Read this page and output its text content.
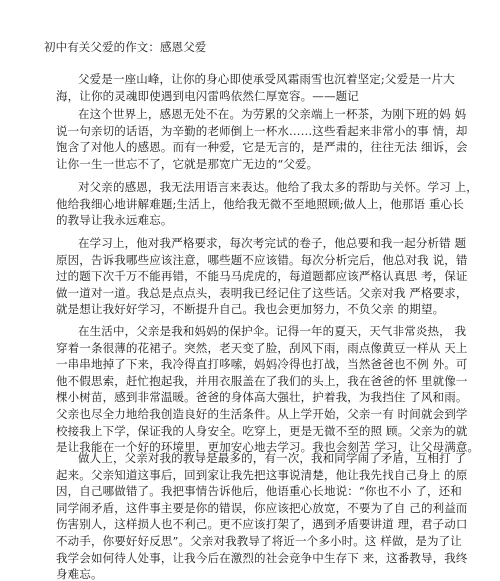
初中有关父爱的作文：感恩父爱
父爱是一座山峰，让你的身心即使承受风霜雨雪也沉着坚定;父爱是一片大
海，让你的灵魂即使遇到电闪雷鸣依然仁厚宽容。——题记
在这个世界上，感恩无处不在。为劳累的父亲端上一杯茶，为刚下班的妈 妈
说一句亲切的话语，为辛勤的老师倒上一杯水……这些看起来非常小的事 情，却
饱含了对他人的感恩。而有一种爱，它是无言的，是严肃的，往往无法 细诉，会
让你一生一世忘不了，它就是那宽广无边的“父爱。
对父亲的感恩，我无法用语言来表达。他给了我太多的帮助与关怀。学习 上，
他给我细心地讲解难题;生活上，他给我无微不至地照顾;做人上，他那语 重心长
的教导让我永远难忘。
在学习上，他对我严格要求，每次考完试的卷子，他总要和我一起分析错 题
原因，告诉我哪些应该注意，哪些题不应该错。每次分析完后，他总对我 说，错
过的题下次千万不能再错，不能马马虎虎的，每道题都应该严格认真思 考，保证
做一道对一道。我总是点点头，表明我已经记住了这些话。父亲对我 严格要求，
就是想让我好好学习，不断提升自己。我也会更加努力，不负父亲 的期望。
在生活中，父亲是我和妈妈的保护伞。记得一年的夏天，天气非常炎热， 我
穿着一条很薄的花裙子。突然，老天变了脸，刮风下雨，雨点像黄豆一样从 天上
一串串地掉了下来，我冷得直打哆嗦，妈妈冷得也打战，当然爸爸也不例 外。可
他不假思索，赶忙抱起我，并用衣服盖在了我们的头上，我在爸爸的怀 里就像一
棵小树苗，感到非常温暖。爸爸的身体高大强壮，护着我，为我挡住 了风和雨。
父亲也尽全力地给我创造良好的生活条件。从上学开始，父亲一有 时间就会到学
校接我上下学，保证我的人身安全。吃穿上，更是无微不至的照 顾。父亲为的就
是让我能在一个好的环境里，更加安心地去学习。我也会刻苦 学习，让父母满意。
做人上，父亲对我的教导是最多的，有一次，我和同学闹了矛盾，互相打 了
起来。父亲知道这事后，回到家让我先把这事说清楚，他让我先找自己身上 的原
因，自己哪做错了。我把事情告诉他后，他语重心长地说：“你也不小 了，还和
同学闹矛盾，这件事主要是你的错误，你应该把心放宽，不要为了自 己的利益而
伤害别人，这样损人也不利己。更不应该打架了，遇到矛盾要讲道 理，君子动口
不动手，你要好好反思”。父亲对我教导了将近一个多小时。这 样做，是为了让
我学会如何待人处事，让我今后在激烈的社会竞争中生存下 来，这番教导，我终
身难忘。
